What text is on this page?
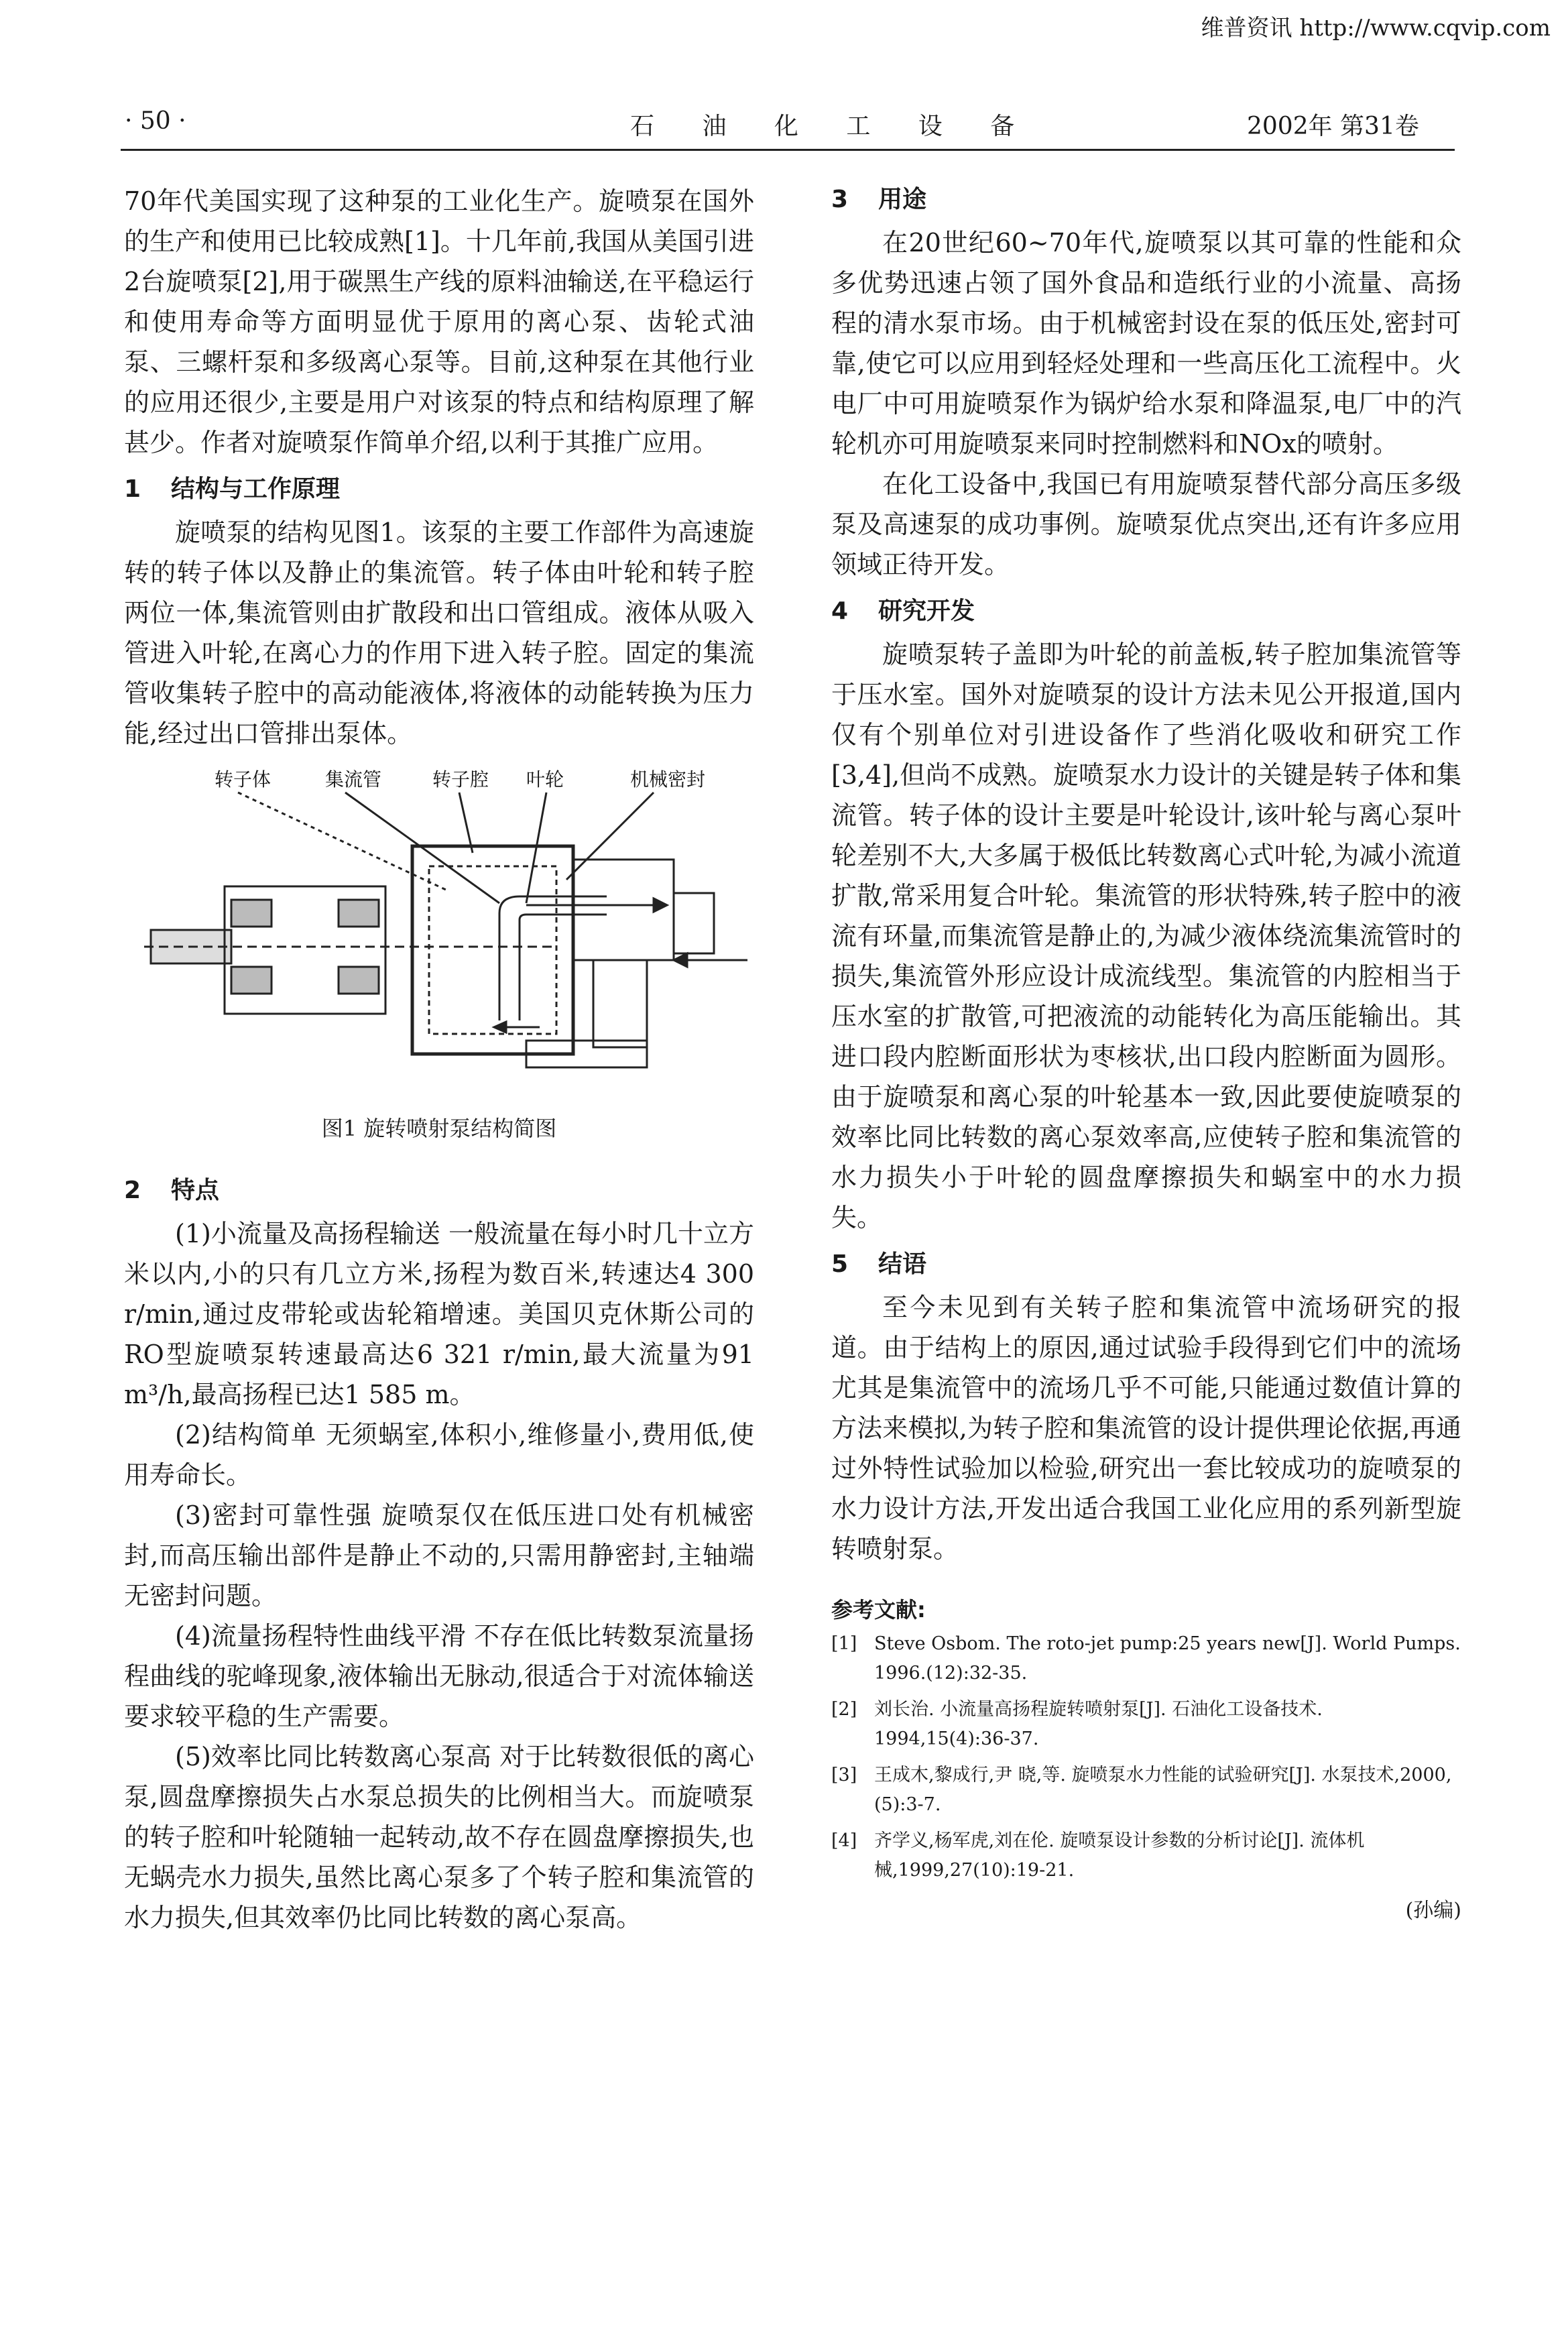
维普资讯 http://www.cqvip.com
· 50 ·	石 油 化 工 设 备	2002年 第31卷

70年代美国实现了这种泵的工业化生产。旋喷泵在国外的生产和使用已比较成熟[1]。十几年前,我国从美国引进2台旋喷泵[2],用于碳黑生产线的原料油输送,在平稳运行和使用寿命等方面明显优于原用的离心泵、齿轮式油泵、三螺杆泵和多级离心泵等。目前,这种泵在其他行业的应用还很少,主要是用户对该泵的特点和结构原理了解甚少。作者对旋喷泵作简单介绍,以利于其推广应用。

1 结构与工作原理

旋喷泵的结构见图1。该泵的主要工作部件为高速旋转的转子体以及静止的集流管。转子体由叶轮和转子腔两位一体,集流管则由扩散段和出口管组成。液体从吸入管进入叶轮,在离心力的作用下进入转子腔。固定的集流管收集转子腔中的高动能液体,将液体的动能转换为压力能,经过出口管排出泵体。

转子体	集流管	转子腔 叶轮	机械密封
图1 旋转喷射泵结构简图
2 特点

(1)小流量及高扬程输送 一般流量在每小时几十立方米以内,小的只有几立方米,扬程为数百米,转速达4 300 r/min,通过皮带轮或齿轮箱增速。美国贝克休斯公司的RO型旋喷泵转速最高达6 321 r/min,最大流量为91 m³/h,最高扬程已达1 585 m。

(2)结构简单 无须蜗室,体积小,维修量小,费用低,使用寿命长。

(3)密封可靠性强 旋喷泵仅在低压进口处有机械密封,而高压输出部件是静止不动的,只需用静密封,主轴端无密封问题。

(4)流量扬程特性曲线平滑 不存在低比转数泵流量扬程曲线的驼峰现象,液体输出无脉动,很适合于对流体输送要求较平稳的生产需要。

(5)效率比同比转数离心泵高 对于比转数很低的离心泵,圆盘摩擦损失占水泵总损失的比例相当大。而旋喷泵的转子腔和叶轮随轴一起转动,故不存在圆盘摩擦损失,也无蜗壳水力损失,虽然比离心泵多了个转子腔和集流管的水力损失,但其效率仍比同比转数的离心泵高。

3 用途

在20世纪60~70年代,旋喷泵以其可靠的性能和众多优势迅速占领了国外食品和造纸行业的小流量、高扬程的清水泵市场。由于机械密封设在泵的低压处,密封可靠,使它可以应用到轻烃处理和一些高压化工流程中。火电厂中可用旋喷泵作为锅炉给水泵和降温泵,电厂中的汽轮机亦可用旋喷泵来同时控制燃料和NOx的喷射。

在化工设备中,我国已有用旋喷泵替代部分高压多级泵及高速泵的成功事例。旋喷泵优点突出,还有许多应用领域正待开发。

4 研究开发

旋喷泵转子盖即为叶轮的前盖板,转子腔加集流管等于压水室。国外对旋喷泵的设计方法未见公开报道,国内仅有个别单位对引进设备作了些消化吸收和研究工作[3,4],但尚不成熟。旋喷泵水力设计的关键是转子体和集流管。转子体的设计主要是叶轮设计,该叶轮与离心泵叶轮差别不大,大多属于极低比转数离心式叶轮,为减小流道扩散,常采用复合叶轮。集流管的形状特殊,转子腔中的液流有环量,而集流管是静止的,为减少液体绕流集流管时的损失,集流管外形应设计成流线型。集流管的内腔相当于压水室的扩散管,可把液流的动能转化为高压能输出。其进口段内腔断面形状为枣核状,出口段内腔断面为圆形。由于旋喷泵和离心泵的叶轮基本一致,因此要使旋喷泵的效率比同比转数的离心泵效率高,应使转子腔和集流管的水力损失小于叶轮的圆盘摩擦损失和蜗室中的水力损失。

5 结语

至今未见到有关转子腔和集流管中流场研究的报道。由于结构上的原因,通过试验手段得到它们中的流场尤其是集流管中的流场几乎不可能,只能通过数值计算的方法来模拟,为转子腔和集流管的设计提供理论依据,再通过外特性试验加以检验,研究出一套比较成功的旋喷泵的水力设计方法,开发出适合我国工业化应用的系列新型旋转喷射泵。

参考文献:
[1] Steve Osbom. The roto-jet pump:25 years new[J]. World Pumps. 1996.(12):32-35.
[2] 刘长治. 小流量高扬程旋转喷射泵[J]. 石油化工设备技术. 1994,15(4):36-37.
[3] 王成木,黎成行,尹 晓,等. 旋喷泵水力性能的试验研究[J]. 水泵技术,2000,(5):3-7.
[4] 齐学义,杨军虎,刘在伦. 旋喷泵设计参数的分析讨论[J]. 流体机械,1999,27(10):19-21.
(孙编)
